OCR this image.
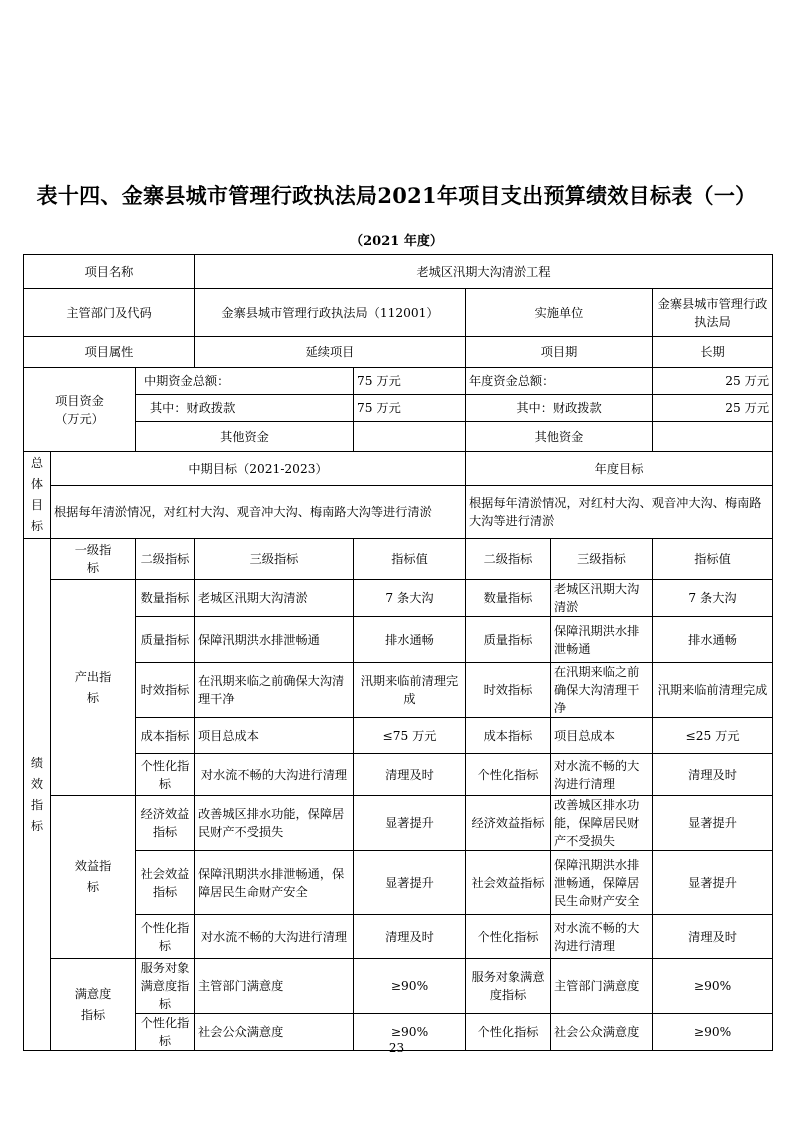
表十四、金寨县城市管理行政执法局2021年项目支出预算绩效目标表（一）
（2021 年度）
项目名称			老城区汛期大沟清淤工程				
主管部门及代码			金寨县城市管理行政执法局（112001）		实施单位		金寨县城市管理行政执法局
项目属性			延续项目		项目期		长期
项目资金（万元）		中期资金总额：		75 万元	年度资金总额：		25 万元
		其中：财政拨款		75 万元	其中：财政拨款		25 万元
		其他资金			其他资金		
总体目标	中期目标（2021-2023）				年度目标		
	根据每年清淤情况，对红村大沟、观音冲大沟、梅南路大沟等进行清淤				根据每年清淤情况，对红村大沟、观音冲大沟、梅南路大沟等进行清淤		
绩效指标	一级指标	二级指标	三级指标	指标值	二级指标	三级指标	指标值
	产出指标	数量指标	老城区汛期大沟清淤	7 条大沟	数量指标	老城区汛期大沟清淤	7 条大沟
		质量指标	保障汛期洪水排泄畅通	排水通畅	质量指标	保障汛期洪水排泄畅通	排水通畅
		时效指标	在汛期来临之前确保大沟清理干净	汛期来临前清理完成	时效指标	在汛期来临之前确保大沟清理干净	汛期来临前清理完成
		成本指标	项目总成本	≤75 万元	成本指标	项目总成本	≤25 万元
		个性化指标	对水流不畅的大沟进行清理	清理及时	个性化指标	对水流不畅的大沟进行清理	清理及时
	效益指标	经济效益指标	改善城区排水功能，保障居民财产不受损失	显著提升	经济效益指标	改善城区排水功能，保障居民财产不受损失	显著提升
		社会效益指标	保障汛期洪水排泄畅通，保障居民生命财产安全	显著提升	社会效益指标	保障汛期洪水排泄畅通，保障居民生命财产安全	显著提升
		个性化指标	对水流不畅的大沟进行清理	清理及时	个性化指标	对水流不畅的大沟进行清理	清理及时
	满意度指标	服务对象满意度指标	主管部门满意度	≥90%	服务对象满意度指标	主管部门满意度	≥90%
		个性化指标	社会公众满意度	≥90%	个性化指标	社会公众满意度	≥90%
23
